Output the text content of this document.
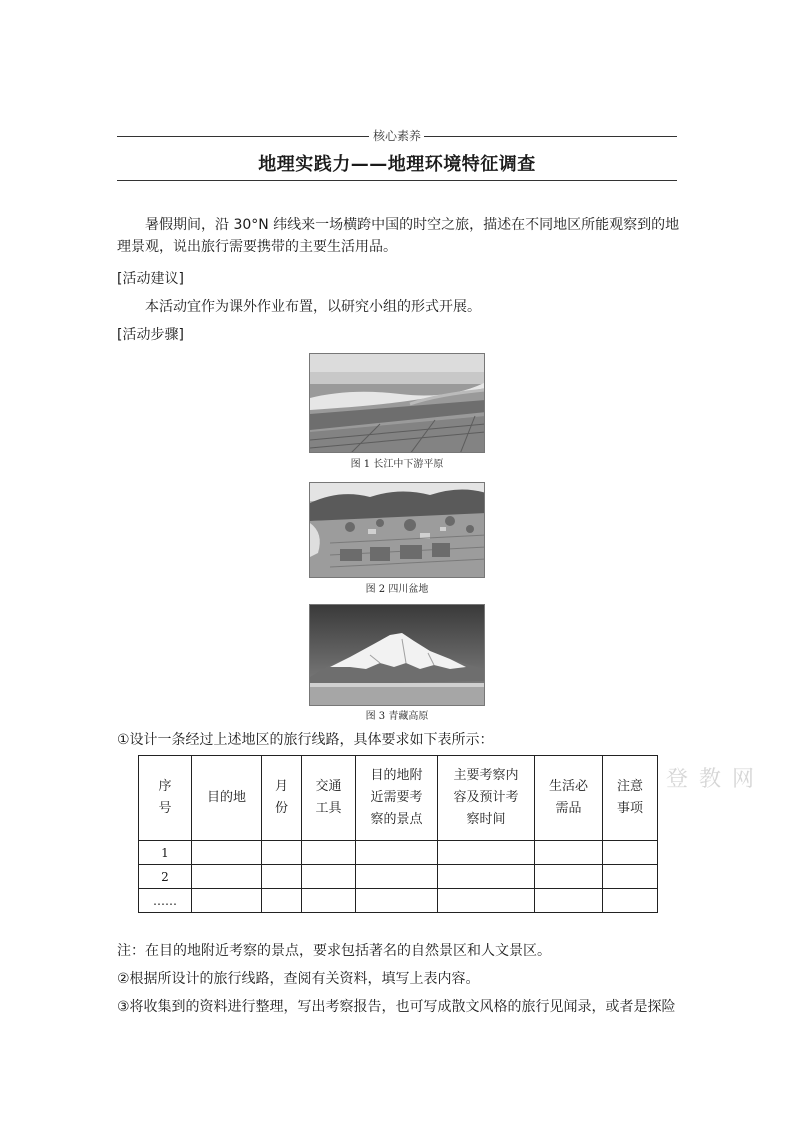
核心素养
地理实践力——地理环境特征调查
暑假期间，沿 30°N 纬线来一场横跨中国的时空之旅，描述在不同地区所能观察到的地理景观，说出旅行需要携带的主要生活用品。
[活动建议]
本活动宜作为课外作业布置，以研究小组的形式开展。
[活动步骤]
图 1 长江中下游平原
图 2 四川盆地
图 3 青藏高原
①设计一条经过上述地区的旅行线路，具体要求如下表所示：
序号	目的地	月份	交通工具	目的地附近需要考察的景点	主要考察内容及预计考察时间	生活必需品	注意事项

1							
2							
……							
登 教 网
注：在目的地附近考察的景点，要求包括著名的自然景区和人文景区。
②根据所设计的旅行线路，查阅有关资料，填写上表内容。
③将收集到的资料进行整理，写出考察报告，也可写成散文风格的旅行见闻录，或者是探险
